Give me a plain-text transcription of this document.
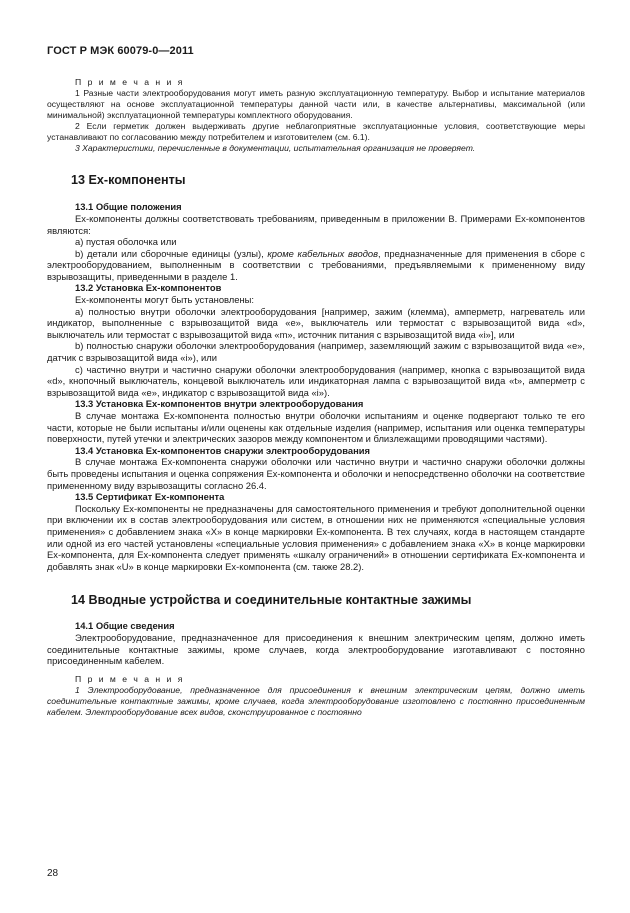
ГОСТ Р МЭК 60079-0—2011
П р и м е ч а н и я

1 Разные части электрооборудования могут иметь разную эксплуатационную температуру. Выбор и испытание материалов осуществляют на основе эксплуатационной температуры данной части или, в качестве альтернативы, максимальной (или минимальной) эксплуатационной температуры комплектного оборудования.

2 Если герметик должен выдерживать другие неблагоприятные эксплуатационные условия, соответствующие меры устанавливают по согласованию между потребителем и изготовителем (см. 6.1).

3 Характеристики, перечисленные в документации, испытательная организация не проверяет.

13 Ex-компоненты
13.1 Общие положения

Ex-компоненты должны соответствовать требованиям, приведенным в приложении В. Примерами Ex-компонентов являются:

а) пустая оболочка или

b) детали или сборочные единицы (узлы), кроме кабельных вводов, предназначенные для применения в сборе с электрооборудованием, выполненным в соответствии с требованиями, предъявляемыми к примененному виду взрывозащиты, приведенными в разделе 1.

13.2 Установка Ex-компонентов

Ex-компоненты могут быть установлены:

а) полностью внутри оболочки электрооборудования [например, зажим (клемма), амперметр, нагреватель или индикатор, выполненные с взрывозащитой вида «е», выключатель или термостат с взрывозащитой вида «d», выключатель или термостат с взрывозащитой вида «m», источник питания с взрывозащитой вида «i»], или

b) полностью снаружи оболочки электрооборудования (например, заземляющий зажим с взрывозащитой вида «е», датчик с взрывозащитой вида «i»), или

с) частично внутри и частично снаружи оболочки электрооборудования (например, кнопка с взрывозащитой вида «d», кнопочный выключатель, концевой выключатель или индикаторная лампа с взрывозащитой вида «t», амперметр с взрывозащитой вида «е», индикатор с взрывозащитой вида «i»).

13.3 Установка Ex-компонентов внутри электрооборудования

В случае монтажа Ex-компонента полностью внутри оболочки испытаниям и оценке подвергают только те его части, которые не были испытаны и/или оценены как отдельные изделия (например, испытания или оценка температуры поверхности, путей утечки и электрических зазоров между компонентом и близлежащими проводящими частями).

13.4 Установка Ex-компонентов снаружи электрооборудования

В случае монтажа Ex-компонента снаружи оболочки или частично внутри и частично снаружи оболочки должны быть проведены испытания и оценка сопряжения Ex-компонента и оболочки и непосредственно оболочки на соответствие примененному виду взрывозащиты согласно 26.4.

13.5 Сертификат Ex-компонента

Поскольку Ex-компоненты не предназначены для самостоятельного применения и требуют дополнительной оценки при включении их в состав электрооборудования или систем, в отношении них не применяются «специальные условия применения» с добавлением знака «Х» в конце маркировки Ex-компонента. В тех случаях, когда в настоящем стандарте или одной из его частей установлены «специальные условия применения» с добавлением знака «Х» в конце маркировки Ex-компонента, для Ex-компонента следует применять «шкалу ограничений» в отношении сертификата Ex-компонента и добавлять знак «U» в конце маркировки Ex-компонента (см. также 28.2).

14 Вводные устройства и соединительные контактные зажимы
14.1 Общие сведения

Электрооборудование, предназначенное для присоединения к внешним электрическим цепям, должно иметь соединительные контактные зажимы, кроме случаев, когда электрооборудование изготавливают с постоянно присоединенным кабелем.

П р и м е ч а н и я

1 Электрооборудование, предназначенное для присоединения к внешним электрическим цепям, должно иметь соединительные контактные зажимы, кроме случаев, когда электрооборудование изготовлено с постоянно присоединенным кабелем. Электрооборудование всех видов, сконструированное с постоянно

28
